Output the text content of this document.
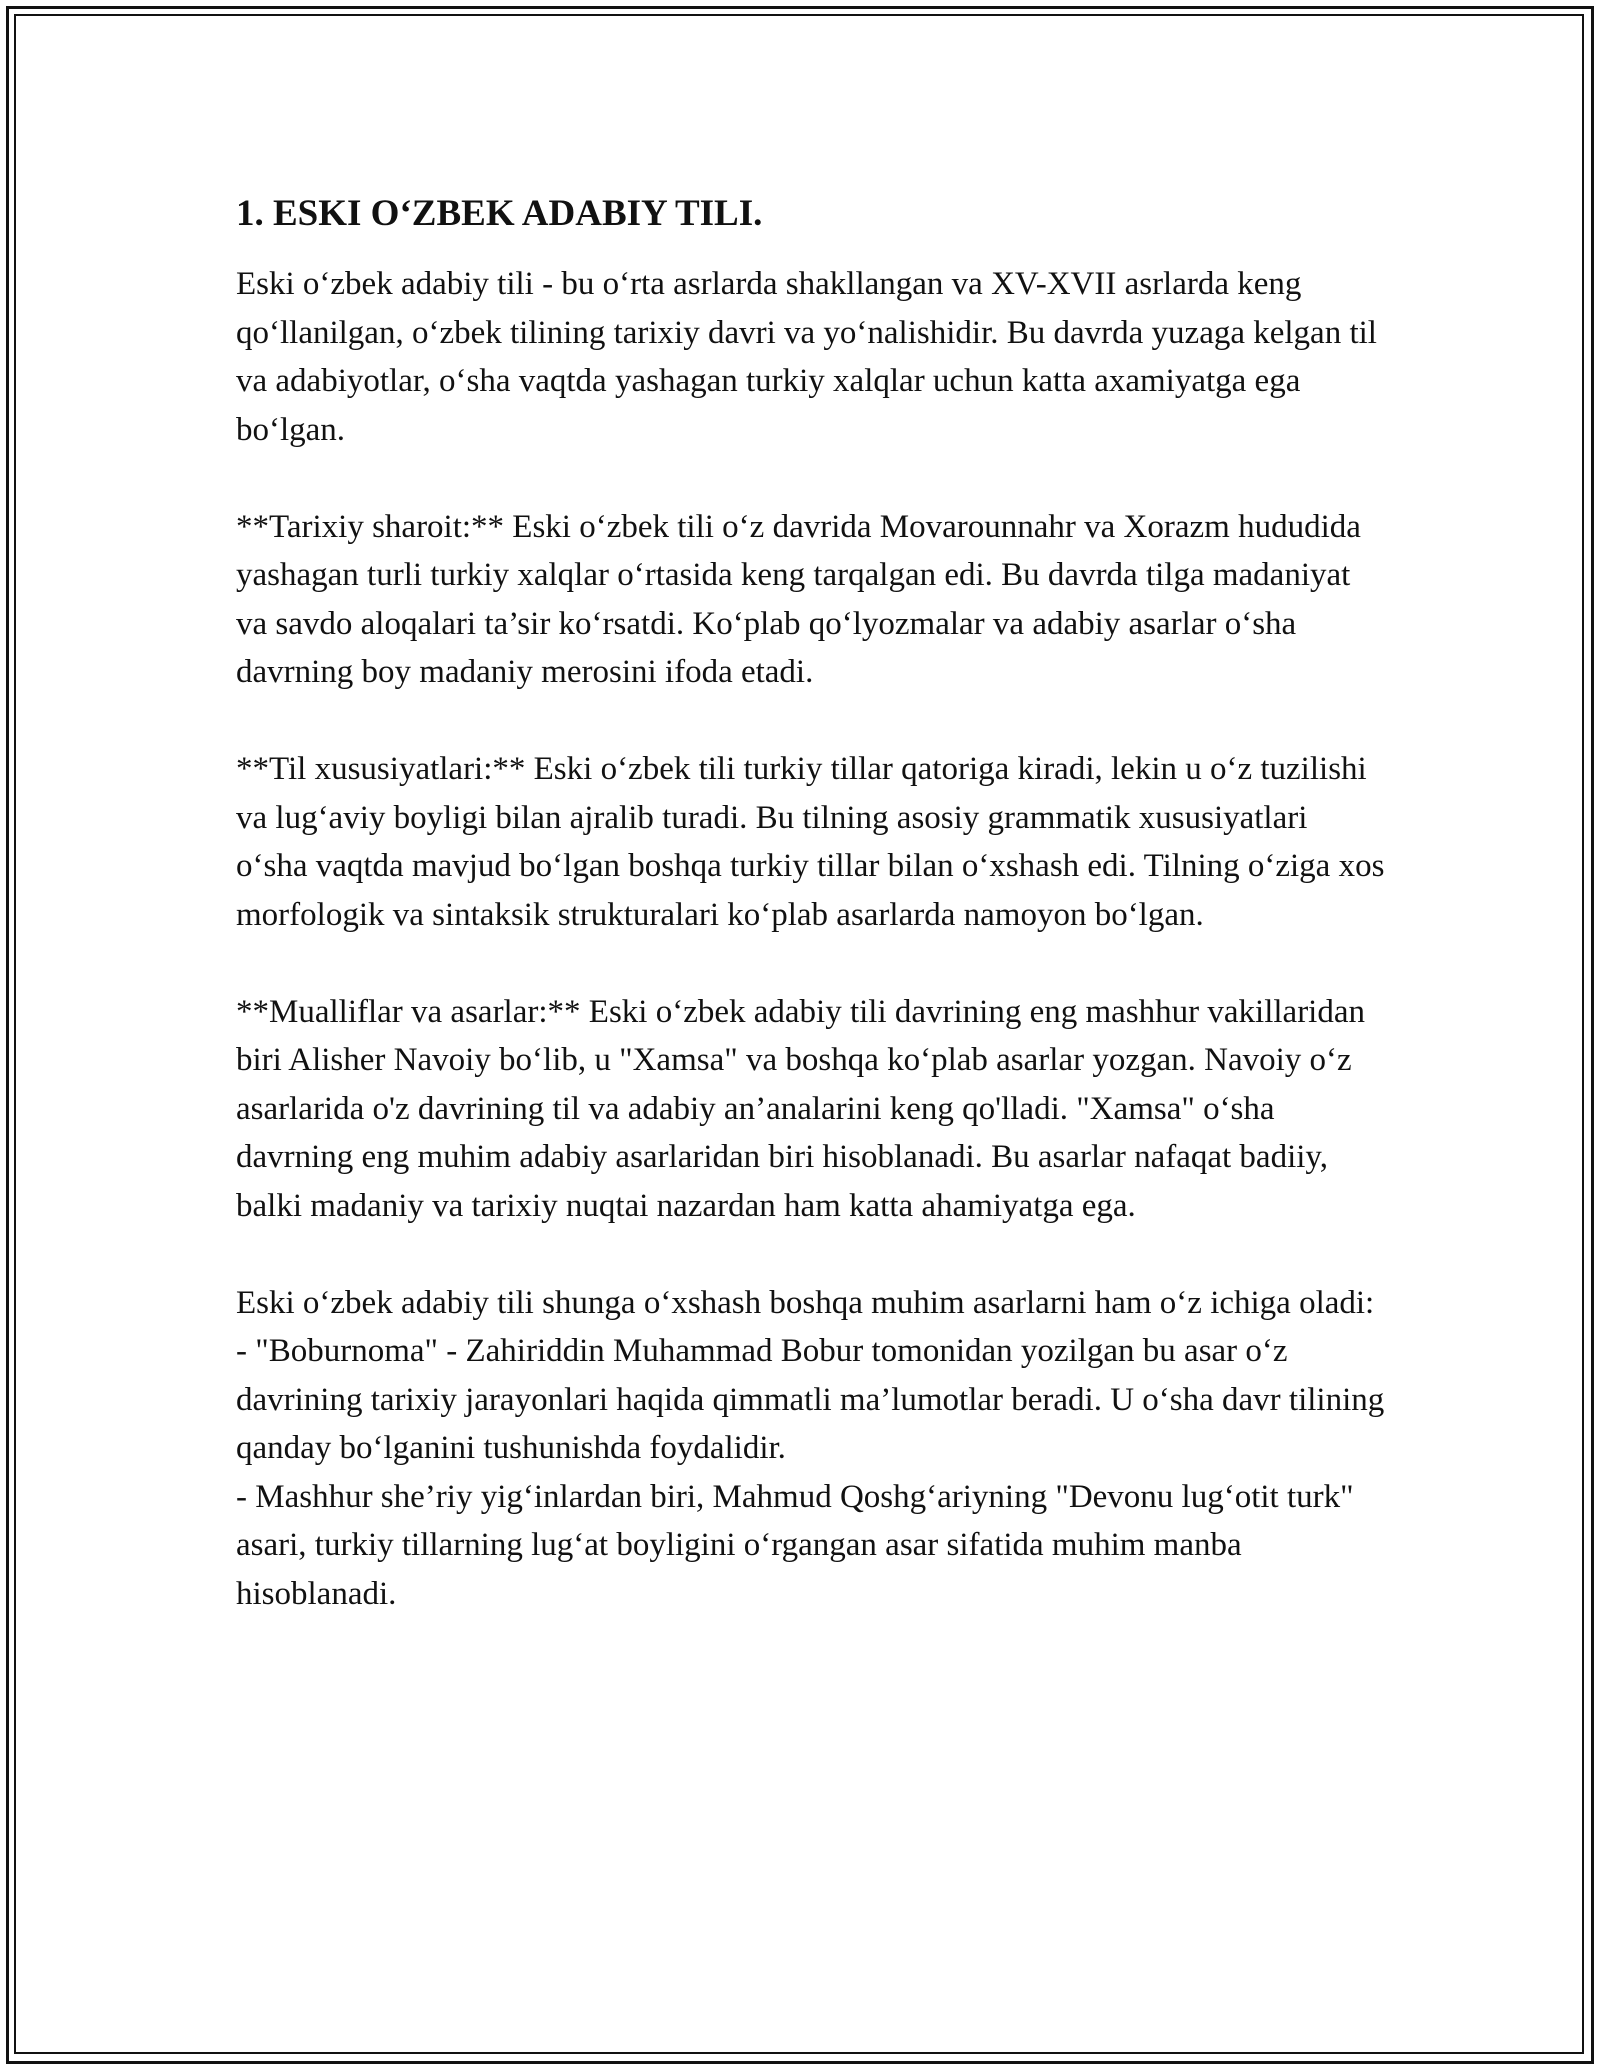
1. ESKI O‘ZBEK ADABIY TILI.

Eski o‘zbek adabiy tili - bu o‘rta asrlarda shakllangan va XV-XVII asrlarda keng qo‘llanilgan, o‘zbek tilining tarixiy davri va yo‘nalishidir. Bu davrda yuzaga kelgan til va adabiyotlar, o‘sha vaqtda yashagan turkiy xalqlar uchun katta axamiyatga ega bo‘lgan.

**Tarixiy sharoit:** Eski o‘zbek tili o‘z davrida Movarounnahr va Xorazm hududida yashagan turli turkiy xalqlar o‘rtasida keng tarqalgan edi. Bu davrda tilga madaniyat va savdo aloqalari ta’sir ko‘rsatdi. Ko‘plab qo‘lyozmalar va adabiy asarlar o‘sha davrning boy madaniy merosini ifoda etadi.

**Til xususiyatlari:** Eski o‘zbek tili turkiy tillar qatoriga kiradi, lekin u o‘z tuzilishi va lug‘aviy boyligi bilan ajralib turadi. Bu tilning asosiy grammatik xususiyatlari o‘sha vaqtda mavjud bo‘lgan boshqa turkiy tillar bilan o‘xshash edi. Tilning o‘ziga xos morfologik va sintaksik strukturalari ko‘plab asarlarda namoyon bo‘lgan.

**Mualliflar va asarlar:** Eski o‘zbek adabiy tili davrining eng mashhur vakillaridan biri Alisher Navoiy bo‘lib, u "Xamsa" va boshqa ko‘plab asarlar yozgan. Navoiy o‘z asarlarida o'z davrining til va adabiy an’analarini keng qo'lladi. "Xamsa" o‘sha davrning eng muhim adabiy asarlaridan biri hisoblanadi. Bu asarlar nafaqat badiiy, balki madaniy va tarixiy nuqtai nazardan ham katta ahamiyatga ega.

Eski o‘zbek adabiy tili shunga o‘xshash boshqa muhim asarlarni ham o‘z ichiga oladi:

- "Boburnoma" - Zahiriddin Muhammad Bobur tomonidan yozilgan bu asar o‘z davrining tarixiy jarayonlari haqida qimmatli ma’lumotlar beradi. U o‘sha davr tilining qanday bo‘lganini tushunishda foydalidir.

- Mashhur she’riy yig‘inlardan biri, Mahmud Qoshg‘ariyning "Devonu lug‘otit turk" asari, turkiy tillarning lug‘at boyligini o‘rgangan asar sifatida muhim manba hisoblanadi.
